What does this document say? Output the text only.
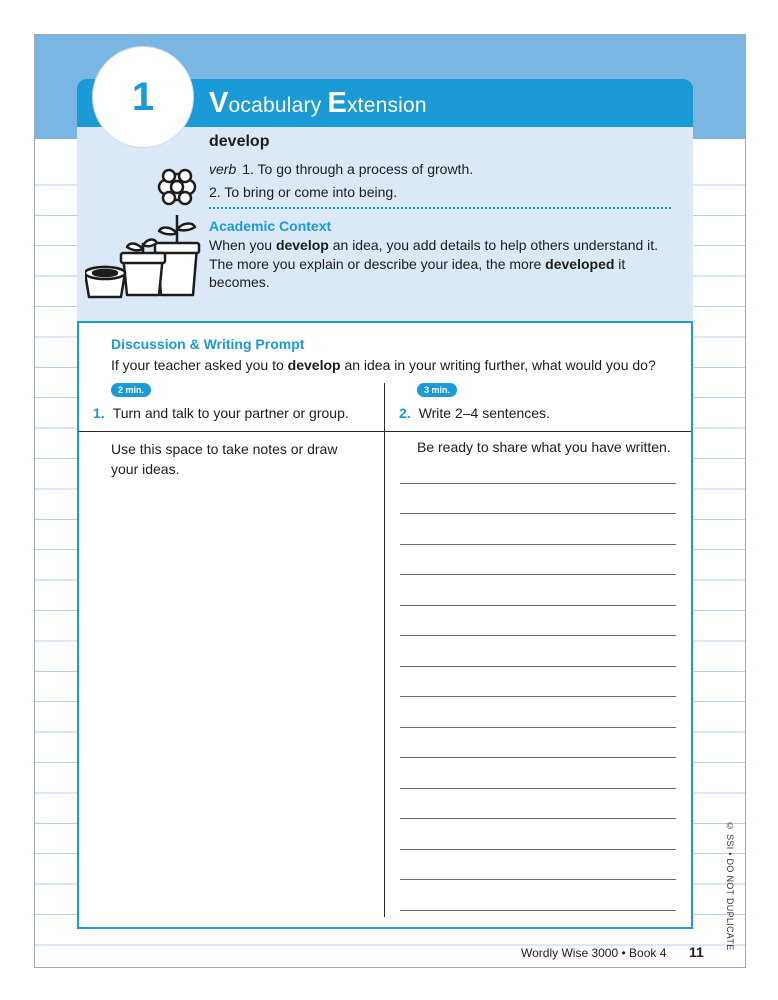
1 Vocabulary Extension
develop
verb 1. To go through a process of growth.
2. To bring or come into being.
Academic Context
When you develop an idea, you add details to help others understand it. The more you explain or describe your idea, the more developed it becomes.
Discussion & Writing Prompt
If your teacher asked you to develop an idea in your writing further, what would you do?
2 min.	3 min.
1. Turn and talk to your partner or group.	2. Write 2–4 sentences.
Use this space to take notes or draw your ideas.
Be ready to share what you have written.
Wordly Wise 3000 • Book 4 11
© SSI • DO NOT DUPLICATE
